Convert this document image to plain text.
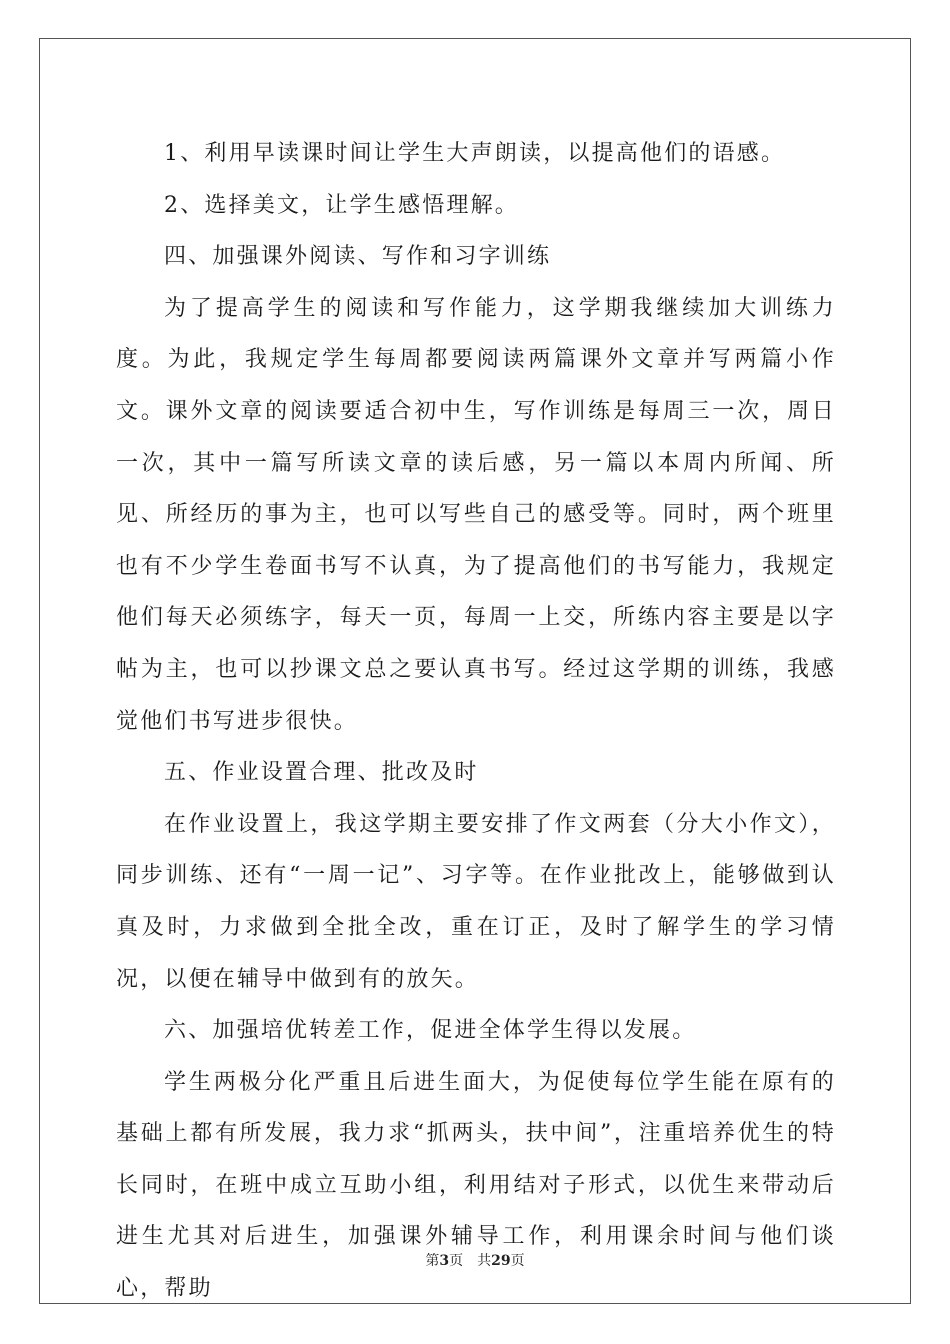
1、利用早读课时间让学生大声朗读，以提高他们的语感。

2、选择美文，让学生感悟理解。

四、加强课外阅读、写作和习字训练

为了提高学生的阅读和写作能力，这学期我继续加大训练力度。为此，我规定学生每周都要阅读两篇课外文章并写两篇小作文。课外文章的阅读要适合初中生，写作训练是每周三一次，周日一次，其中一篇写所读文章的读后感，另一篇以本周内所闻、所见、所经历的事为主，也可以写些自己的感受等。同时，两个班里也有不少学生卷面书写不认真，为了提高他们的书写能力，我规定他们每天必须练字，每天一页，每周一上交，所练内容主要是以字帖为主，也可以抄课文总之要认真书写。经过这学期的训练，我感觉他们书写进步很快。

五、作业设置合理、批改及时

在作业设置上，我这学期主要安排了作文两套（分大小作文），同步训练、还有“一周一记”、习字等。在作业批改上，能够做到认真及时，力求做到全批全改，重在订正，及时了解学生的学习情况，以便在辅导中做到有的放矢。

六、加强培优转差工作，促进全体学生得以发展。

学生两极分化严重且后进生面大，为促使每位学生能在原有的基础上都有所发展，我力求“抓两头，扶中间”，注重培养优生的特长同时，在班中成立互助小组，利用结对子形式，以优生来带动后进生尤其对后进生，加强课外辅导工作，利用课余时间与他们谈心，帮助

第3页 共29页
